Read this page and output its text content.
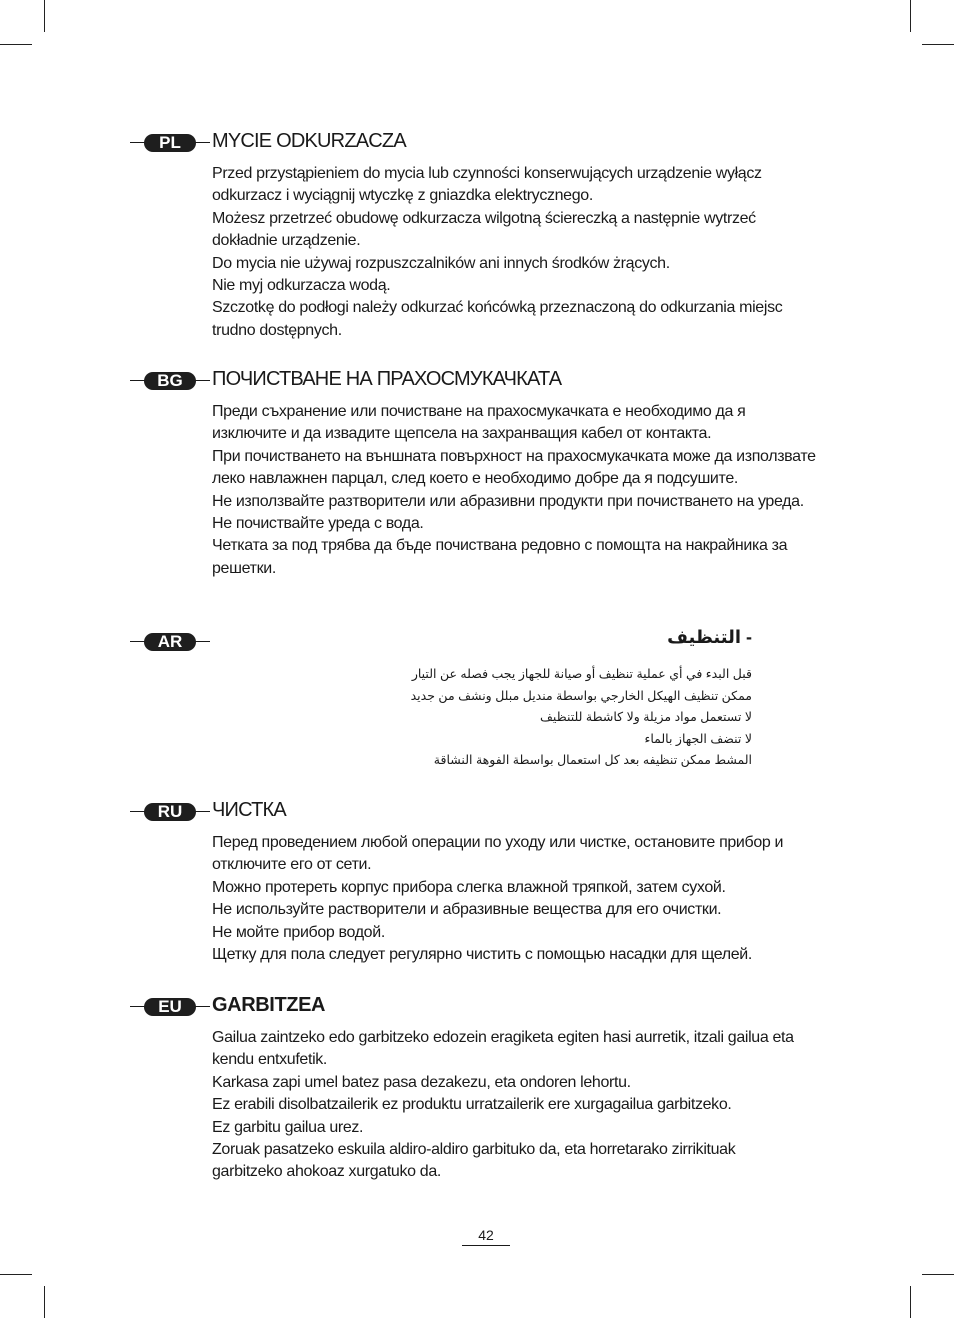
PL	MYCIE ODKURZACZA

Przed przystąpieniem do mycia lub czynności konserwujących urządzenie wyłącz

odkurzacz i wyciągnij wtyczkę z gniazdka elektrycznego.

Możesz przetrzeć obudowę odkurzacza wilgotną ściereczką a następnie wytrzeć

dokładnie urządzenie.

Do mycia nie używaj rozpuszczalników ani innych środków żrących.

Nie myj odkurzacza wodą.

Szczotkę do podłogi należy odkurzać końcówką przeznaczoną do odkurzania miejsc

trudno dostępnych.

BG	ПОЧИСТВАНЕ НА ПРАХОСМУКАЧКАТА

Преди съхранение или почистване на прахосмукачката е необходимо да я

изключите и да извадите щепсела на захранващия кабел от контакта.

При почистването на външната повърхност на прахосмукачката може да използвате

леко навлажнен парцал, след което е необходимо добре да я подсушите.

Не използвайте разтворители или абразивни продукти при почистването на уреда.

Не почиствайте уреда с вода.

Четката за под трябва да бъде почиствана редовно с помощта на накрайника за

решетки.

AR	- التنظيف

قبل البدء في أي عملية تنظيف أو صيانة للجهاز يجب فصله عن التيار

ممكن تنظيف الهيكل الخارجي بواسطة منديل مبلل ونشف من جديد

لا تستعمل مواد مزيلة ولا كاشطة للتنظيف

لا تنضف الجهاز بالماء

المشط ممكن تنظيفه بعد كل استعمال بواسطة الفوهة النشاقة

RU	ЧИСТКА

Перед проведением любой операции по уходу или чистке, остановите прибор и

отключите его от сети.

Можно протереть корпус прибора слегка влажной тряпкой, затем сухой.

Не используйте растворители и абразивные вещества для его очистки.

Не мойте прибор водой.

Щетку для пола следует регулярно чистить с помощью насадки для щелей.

EU	GARBITZEA

Gailua zaintzeko edo garbitzeko edozein eragiketa egiten hasi aurretik, itzali gailua eta

kendu entxufetik.

Karkasa zapi umel batez pasa dezakezu, eta ondoren lehortu.

Ez erabili disolbatzailerik ez produktu urratzailerik ere xurgagailua garbitzeko.

Ez garbitu gailua urez.

Zoruak pasatzeko eskuila aldiro-aldiro garbituko da, eta horretarako zirrikituak

garbitzeko ahokoaz xurgatuko da.

42
